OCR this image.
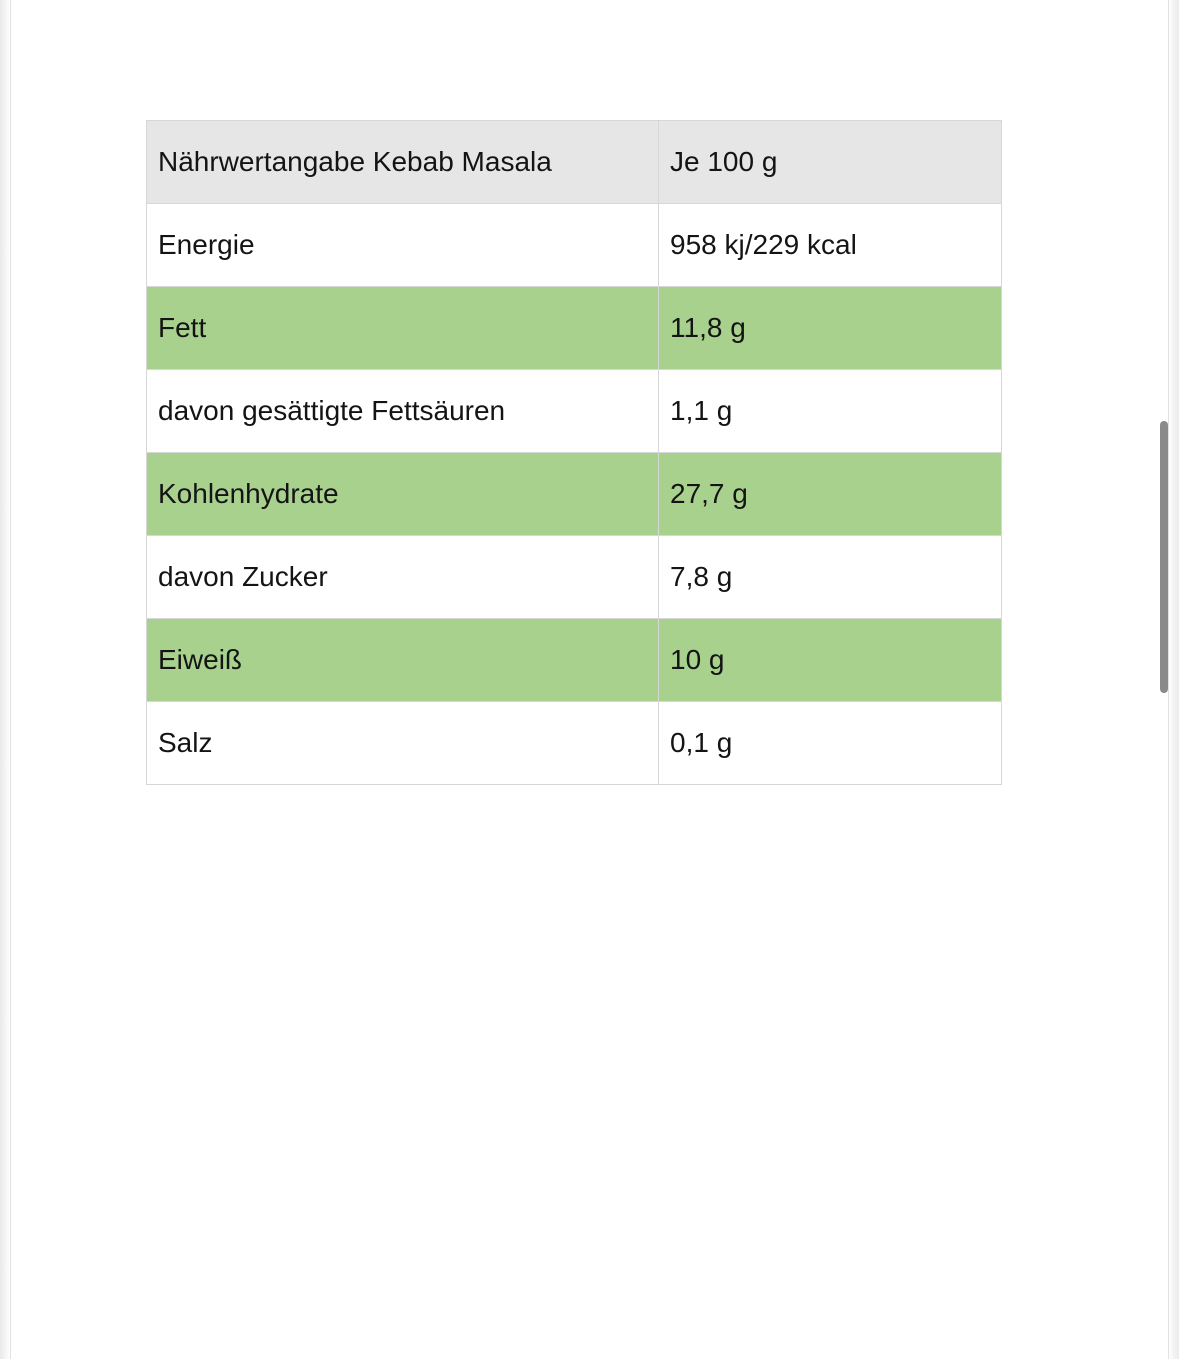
Nährwertangabe Kebab Masala	Je 100 g
Energie	958 kj/229 kcal
Fett	11,8 g
davon gesättigte Fettsäuren	1,1 g
Kohlenhydrate	27,7 g
davon Zucker	7,8 g
Eiweiß	10 g
Salz	0,1 g
